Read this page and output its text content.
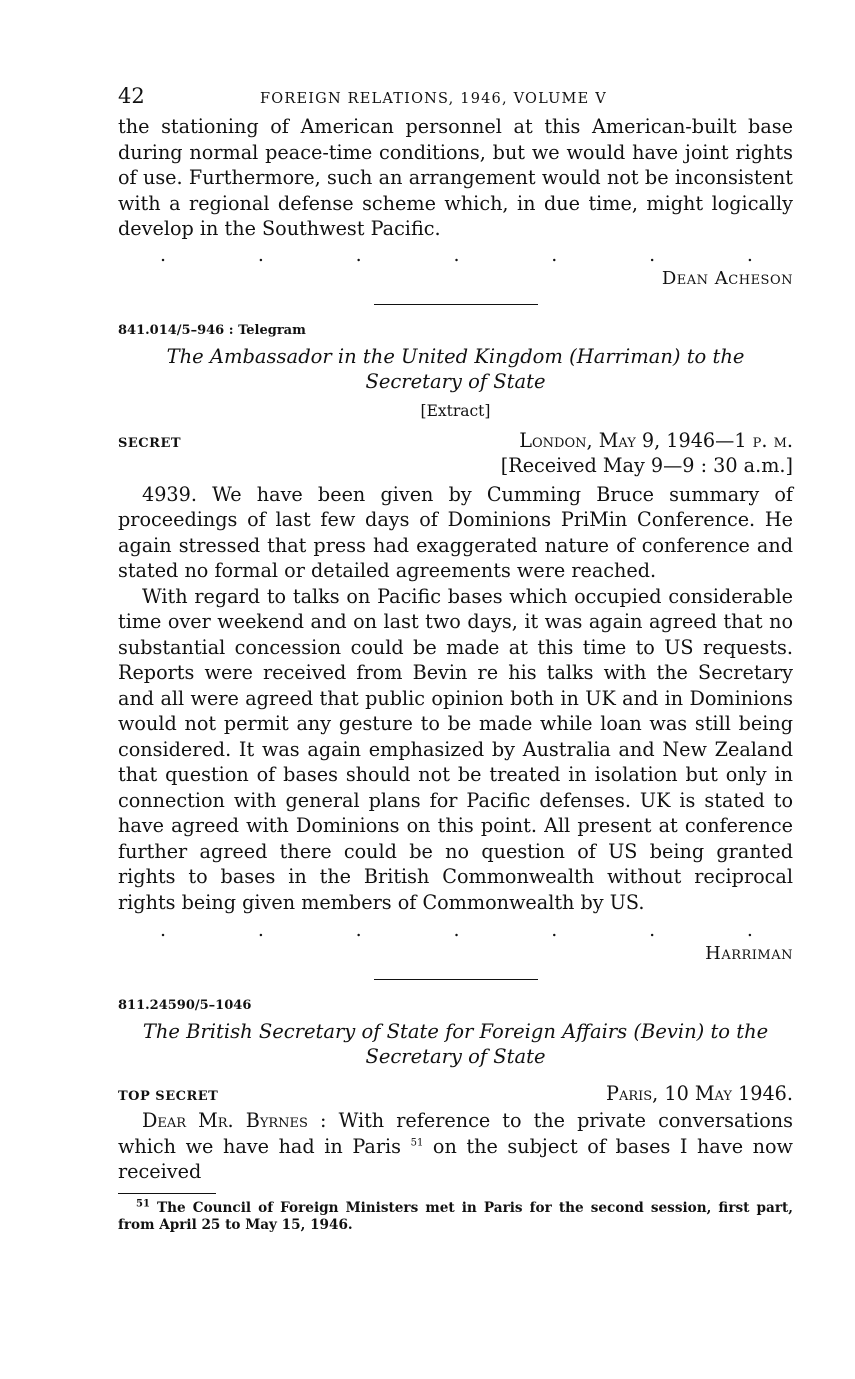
42	FOREIGN RELATIONS, 1946, VOLUME V

the stationing of American personnel at this American-built base during normal peace-time conditions, but we would have joint rights of use. Furthermore, such an arrangement would not be inconsistent with a regional defense scheme which, in due time, might logically develop in the Southwest Pacific.

.	.	.	.	.	.	.
Dean Acheson
841.014/5–946 : Telegram

The Ambassador in the United Kingdom (Harriman) to the Secretary of State

[Extract]
SECRET	London, May 9, 1946—1 p. m.
[Received May 9—9 : 30 a.m.]

4939. We have been given by Cumming Bruce summary of proceedings of last few days of Dominions PriMin Conference. He again stressed that press had exaggerated nature of conference and stated no formal or detailed agreements were reached.

With regard to talks on Pacific bases which occupied considerable time over weekend and on last two days, it was again agreed that no substantial concession could be made at this time to US requests. Reports were received from Bevin re his talks with the Secretary and all were agreed that public opinion both in UK and in Dominions would not permit any gesture to be made while loan was still being considered. It was again emphasized by Australia and New Zealand that question of bases should not be treated in isolation but only in connection with general plans for Pacific defenses. UK is stated to have agreed with Dominions on this point. All present at conference further agreed there could be no question of US being granted rights to bases in the British Commonwealth without reciprocal rights being given members of Commonwealth by US.

.	.	.	.	.	.	.
Harriman
811.24590/5–1046

The British Secretary of State for Foreign Affairs (Bevin) to the Secretary of State

TOP SECRET	Paris, 10 May 1946.

Dear Mr. Byrnes : With reference to the private conversations which we have had in Paris $^{51}$ on the subject of bases I have now received

$^{51}$ The Council of Foreign Ministers met in Paris for the second session, first part, from April 25 to May 15, 1946.
